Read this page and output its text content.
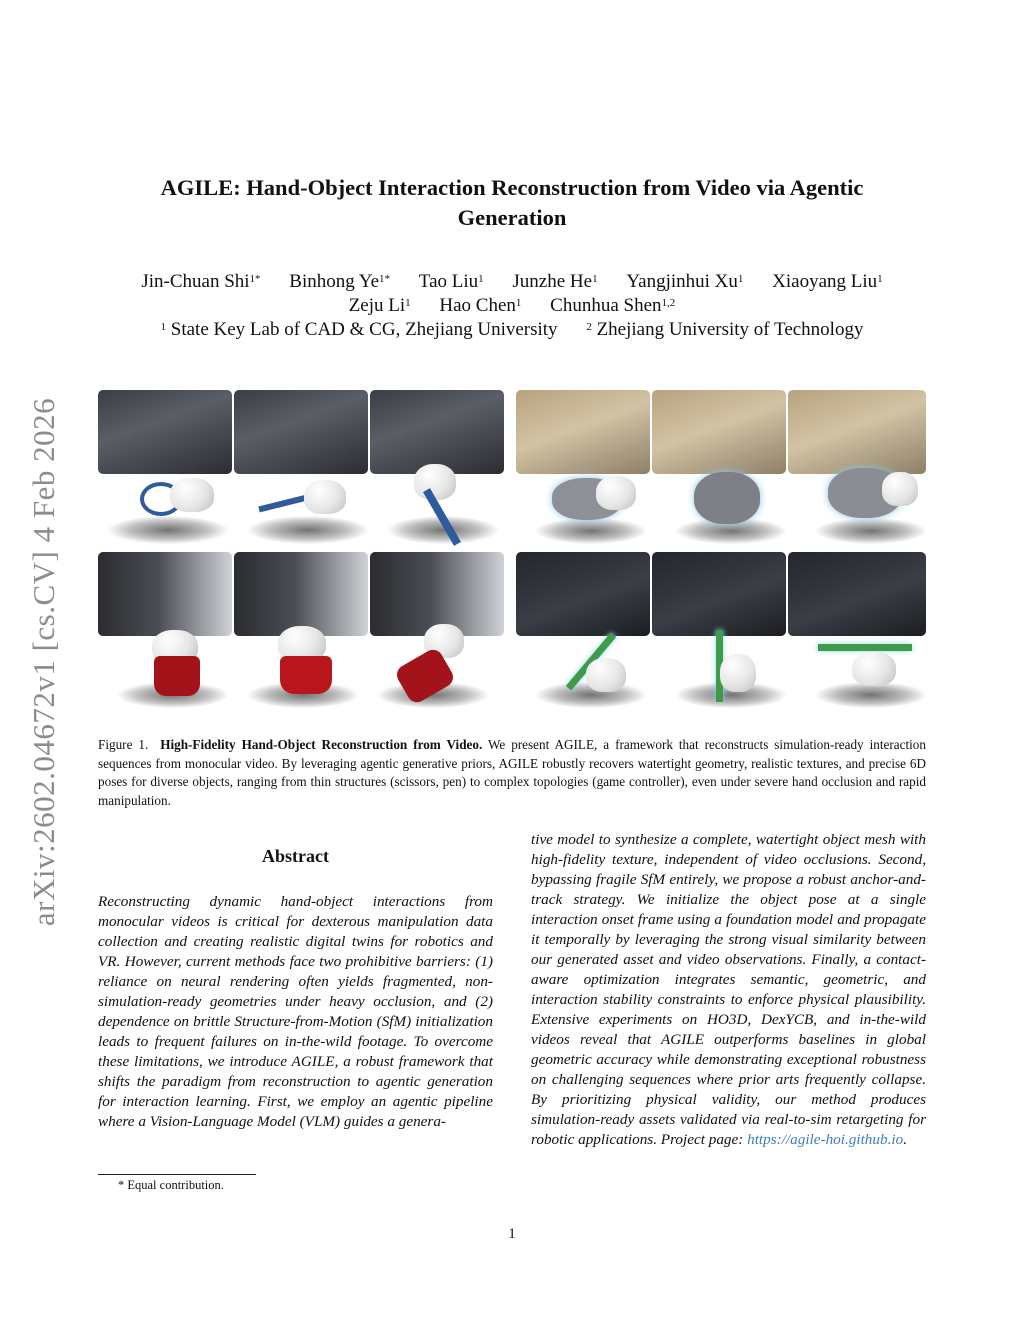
arXiv:2602.04672v1 [cs.CV] 4 Feb 2026
AGILE: Hand-Object Interaction Reconstruction from Video via Agentic
Generation
Jin-Chuan Shi$^{1*}$ Binhong $Ye^{1*}$ Tao Liu$^1$ Junzhe He$^1$ Yangjinhui Xu$^1$ Xiaoyang Liu$^1$
Zeju Li$^1$ Hao Chen$^1$ Chunhua Shen$^{1,2}$
$^1$ State Key Lab of CAD & CG, Zhejiang University	$^2$ Zhejiang University of Technology
Figure 1. High-Fidelity Hand-Object Reconstruction from Video. We present AGILE, a framework that reconstructs simulation-ready interaction sequences from monocular video. By leveraging agentic generative priors, AGILE robustly recovers watertight geometry, realistic textures, and precise 6D poses for diverse objects, ranging from thin structures (scissors, pen) to complex topologies (game controller), even under severe hand occlusion and rapid manipulation.
Abstract
Reconstructing dynamic hand-object interactions from monocular videos is critical for dexterous manipulation data collection and creating realistic digital twins for robotics and VR. However, current methods face two prohibitive barriers: (1) reliance on neural rendering often yields fragmented, non-simulation-ready geometries under heavy occlusion, and (2) dependence on brittle Structure-from-Motion (SfM) initialization leads to frequent failures on in-the-wild footage. To overcome these limitations, we introduce AGILE, a robust framework that shifts the paradigm from reconstruction to agentic generation for interaction learning. First, we employ an agentic pipeline where a Vision-Language Model (VLM) guides a genera-
tive model to synthesize a complete, watertight object mesh with high-fidelity texture, independent of video occlusions. Second, bypassing fragile SfM entirely, we propose a robust anchor-and-track strategy. We initialize the object pose at a single interaction onset frame using a foundation model and propagate it temporally by leveraging the strong visual similarity between our generated asset and video observations. Finally, a contact-aware optimization integrates semantic, geometric, and interaction stability constraints to enforce physical plausibility. Extensive experiments on HO3D, DexYCB, and in-the-wild videos reveal that AGILE outperforms baselines in global geometric accuracy while demonstrating exceptional robustness on challenging sequences where prior arts frequently collapse. By prioritizing physical validity, our method produces simulation-ready assets validated via real-to-sim retargeting for robotic applications. Project page: https://agile-hoi.github.io.
* Equal contribution.
1
